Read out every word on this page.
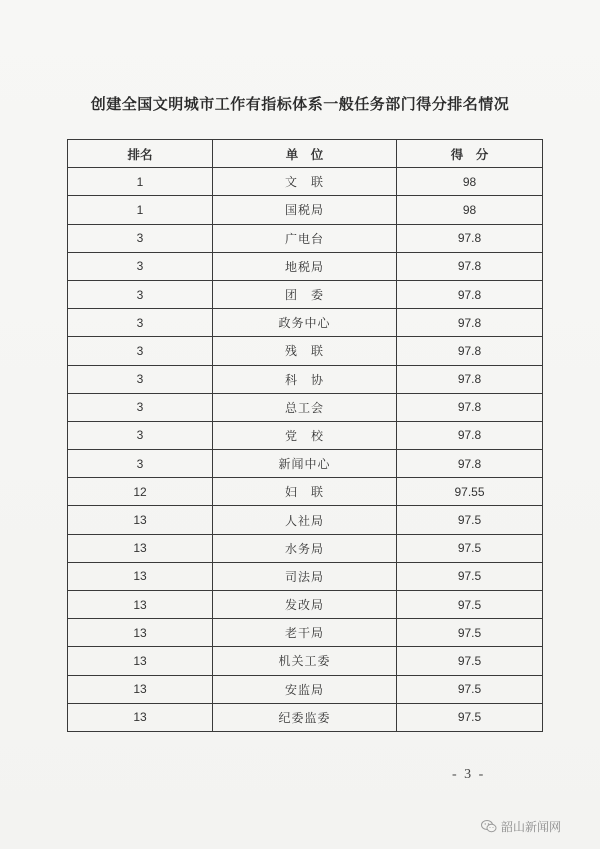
创建全国文明城市工作有指标体系一般任务部门得分排名情况
排名	单　位	得　分
1	文　联	98
1	国税局	98
3	广电台	97.8
3	地税局	97.8
3	团　委	97.8
3	政务中心	97.8
3	残　联	97.8
3	科　协	97.8
3	总工会	97.8
3	党　校	97.8
3	新闻中心	97.8
12	妇　联	97.55
13	人社局	97.5
13	水务局	97.5
13	司法局	97.5
13	发改局	97.5
13	老干局	97.5
13	机关工委	97.5
13	安监局	97.5
13	纪委监委	97.5
- 3 -
韶山新闻网
